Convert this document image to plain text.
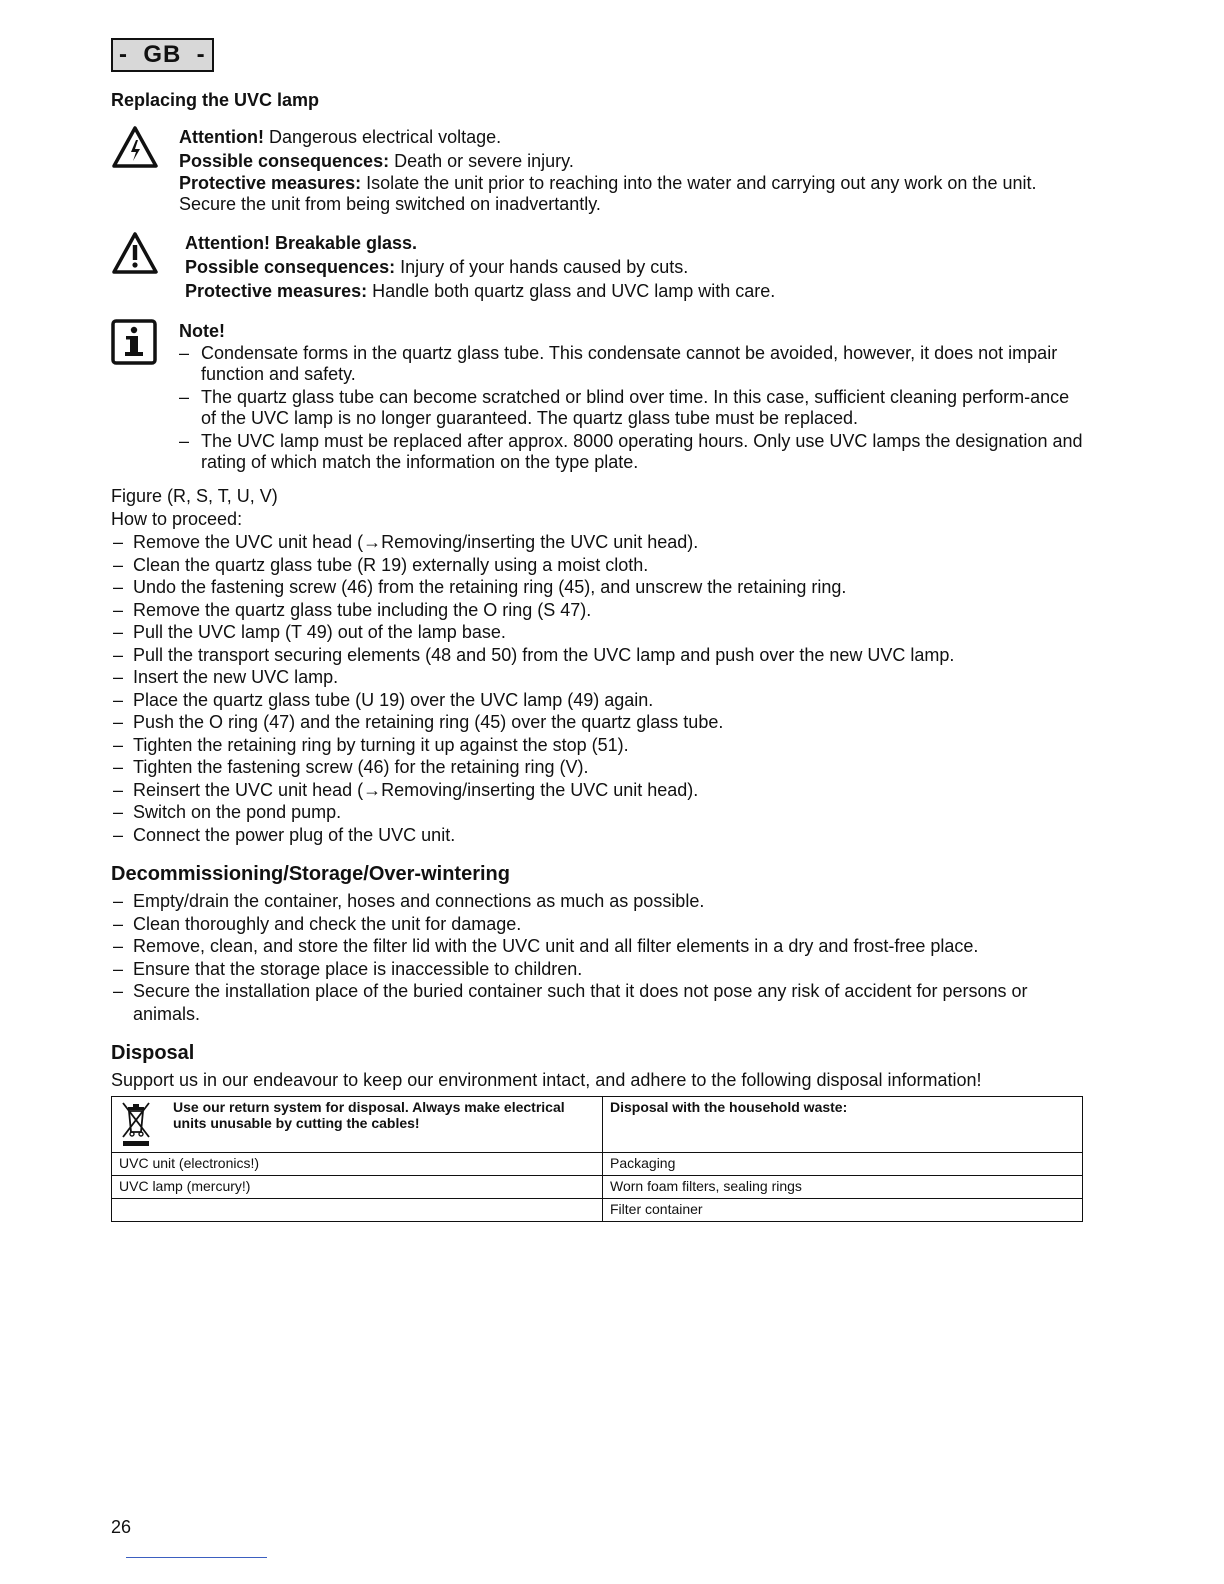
-  GB  -
Replacing the UVC lamp
Attention! Dangerous electrical voltage.
Possible consequences: Death or severe injury.
Protective measures: Isolate the unit prior to reaching into the water and carrying out any work on the unit. Secure the unit from being switched on inadvertantly.
Attention! Breakable glass.
Possible consequences: Injury of your hands caused by cuts.
Protective measures: Handle both quartz glass and UVC lamp with care.
Note!
– Condensate forms in the quartz glass tube. This condensate cannot be avoided, however, it does not impair function and safety.
– The quartz glass tube can become scratched or blind over time. In this case, sufficient cleaning perform-ance of the UVC lamp is no longer guaranteed. The quartz glass tube must be replaced.
– The UVC lamp must be replaced after approx. 8000 operating hours. Only use UVC lamps the designation and rating of which match the information on the type plate.
Figure (R, S, T, U, V)
How to proceed:
– Remove the UVC unit head (→Removing/inserting the UVC unit head).
– Clean the quartz glass tube (R 19) externally using a moist cloth.
– Undo the fastening screw (46) from the retaining ring (45), and unscrew the retaining ring.
– Remove the quartz glass tube including the O ring (S 47).
– Pull the UVC lamp (T 49) out of the lamp base.
– Pull the transport securing elements (48 and 50) from the UVC lamp and push over the new UVC lamp.
– Insert the new UVC lamp.
– Place the quartz glass tube (U 19) over the UVC lamp (49) again.
– Push the O ring (47) and the retaining ring (45) over the quartz glass tube.
– Tighten the retaining ring by turning it up against the stop (51).
– Tighten the fastening screw (46) for the retaining ring (V).
– Reinsert the UVC unit head (→Removing/inserting the UVC unit head).
– Switch on the pond pump.
– Connect the power plug of the UVC unit.
Decommissioning/Storage/Over-wintering
– Empty/drain the container, hoses and connections as much as possible.
– Clean thoroughly and check the unit for damage.
– Remove, clean, and store the filter lid with the UVC unit and all filter elements in a dry and frost-free place.
– Ensure that the storage place is inaccessible to children.
– Secure the installation place of the buried container such that it does not pose any risk of accident for persons or animals.
Disposal
Support us in our endeavour to keep our environment intact, and adhere to the following disposal information!
Use our return system for disposal. Always make electrical units unusable by cutting the cables!	Disposal with the household waste:
UVC unit (electronics!)	Packaging
UVC lamp (mercury!)	Worn foam filters, sealing rings
	Filter container
26
